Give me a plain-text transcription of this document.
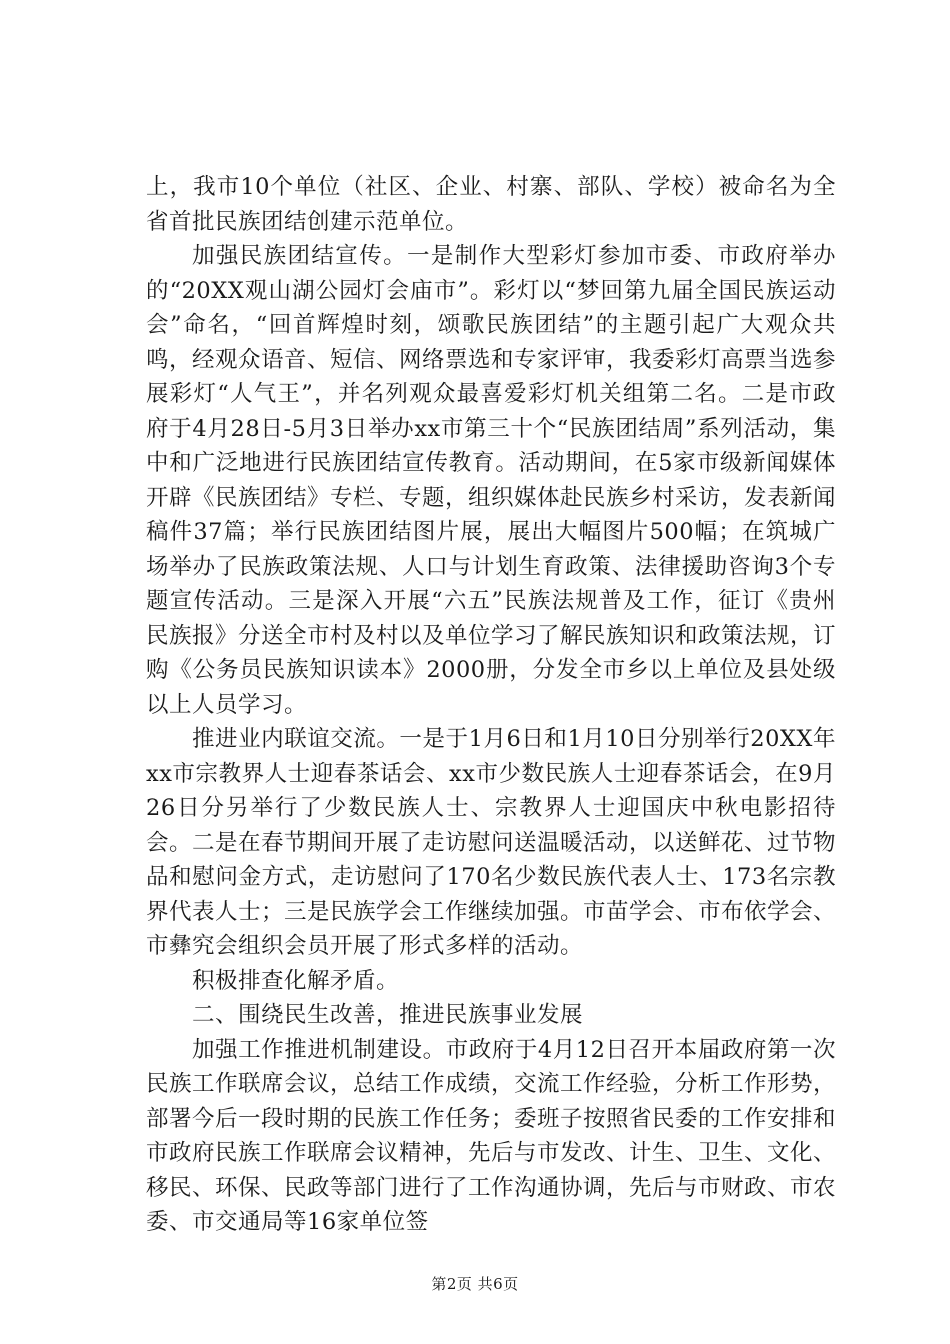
上，我市10个单位（社区、企业、村寨、部队、学校）被命名为全省首批民族团结创建示范单位。

加强民族团结宣传。一是制作大型彩灯参加市委、市政府举办的“20XX观山湖公园灯会庙市”。彩灯以“梦回第九届全国民族运动会”命名，“回首辉煌时刻，颂歌民族团结”的主题引起广大观众共鸣，经观众语音、短信、网络票选和专家评审，我委彩灯高票当选参展彩灯“人气王”，并名列观众最喜爱彩灯机关组第二名。二是市政府于4月28日-5月3日举办xx市第三十个“民族团结周”系列活动，集中和广泛地进行民族团结宣传教育。活动期间，在5家市级新闻媒体开辟《民族团结》专栏、专题，组织媒体赴民族乡村采访，发表新闻稿件37篇；举行民族团结图片展，展出大幅图片500幅；在筑城广场举办了民族政策法规、人口与计划生育政策、法律援助咨询3个专题宣传活动。三是深入开展“六五”民族法规普及工作，征订《贵州民族报》分送全市村及村以及单位学习了解民族知识和政策法规，订购《公务员民族知识读本》2000册，分发全市乡以上单位及县处级以上人员学习。

推进业内联谊交流。一是于1月6日和1月10日分别举行20XX年xx市宗教界人士迎春茶话会、xx市少数民族人士迎春茶话会，在9月26日分另举行了少数民族人士、宗教界人士迎国庆中秋电影招待会。二是在春节期间开展了走访慰问送温暖活动，以送鲜花、过节物品和慰问金方式，走访慰问了170名少数民族代表人士、173名宗教界代表人士；三是民族学会工作继续加强。市苗学会、市布依学会、市彝究会组织会员开展了形式多样的活动。

积极排查化解矛盾。

二、围绕民生改善，推进民族事业发展

加强工作推进机制建设。市政府于4月12日召开本届政府第一次民族工作联席会议，总结工作成绩，交流工作经验，分析工作形势，部署今后一段时期的民族工作任务；委班子按照省民委的工作安排和市政府民族工作联席会议精神，先后与市发改、计生、卫生、文化、移民、环保、民政等部门进行了工作沟通协调，先后与市财政、市农委、市交通局等16家单位签

第2页 共6页
